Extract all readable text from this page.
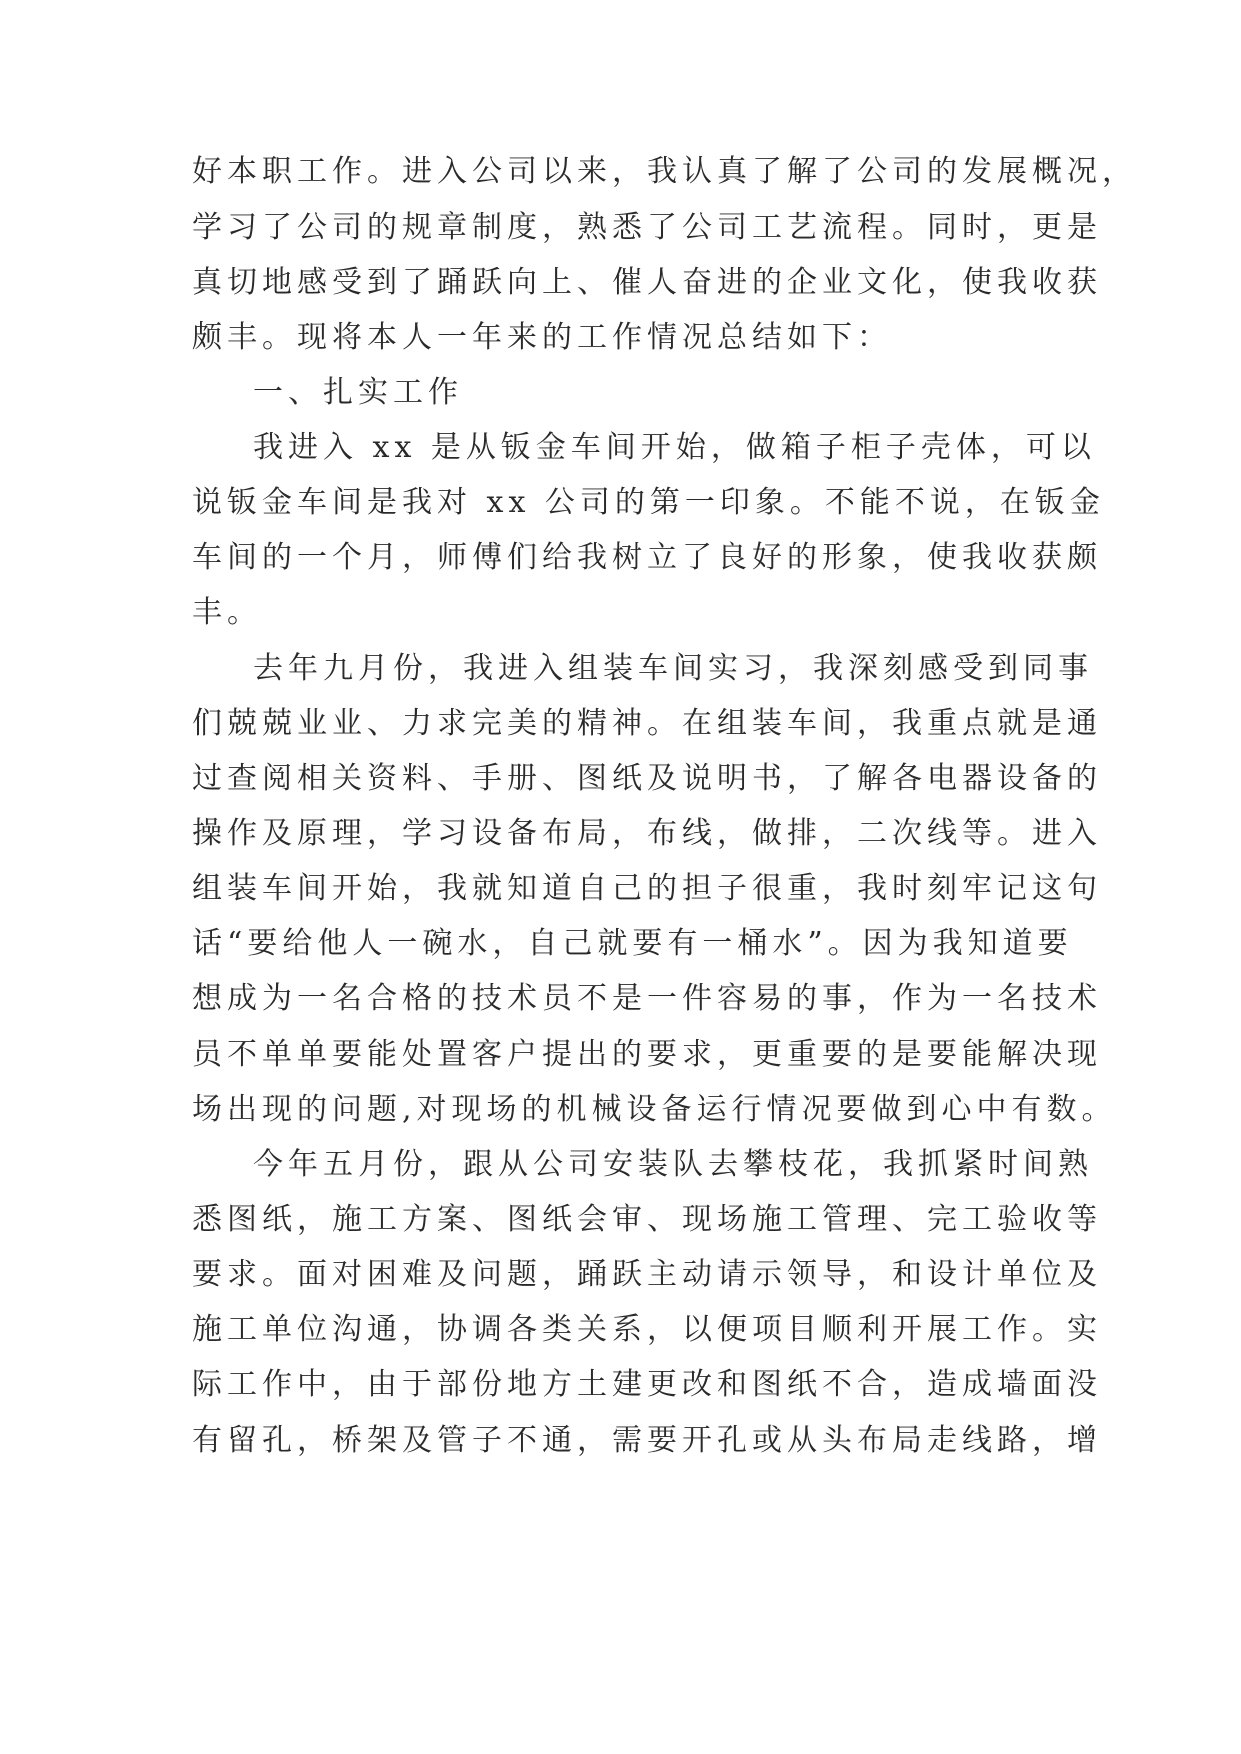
好本职工作。进入公司以来，我认真了解了公司的发展概况，

学习了公司的规章制度，熟悉了公司工艺流程。同时，更是

真切地感受到了踊跃向上、催人奋进的企业文化，使我收获

颇丰。现将本人一年来的工作情况总结如下：

一、扎实工作

我进入 xx 是从钣金车间开始，做箱子柜子壳体，可以

说钣金车间是我对 xx 公司的第一印象。不能不说，在钣金

车间的一个月，师傅们给我树立了良好的形象，使我收获颇

丰。

去年九月份，我进入组装车间实习，我深刻感受到同事

们兢兢业业、力求完美的精神。在组装车间，我重点就是通

过查阅相关资料、手册、图纸及说明书，了解各电器设备的

操作及原理，学习设备布局，布线，做排，二次线等。进入

组装车间开始，我就知道自己的担子很重，我时刻牢记这句

话“要给他人一碗水，自己就要有一桶水”。因为我知道要

想成为一名合格的技术员不是一件容易的事，作为一名技术

员不单单要能处置客户提出的要求，更重要的是要能解决现

场出现的问题,对现场的机械设备运行情况要做到心中有数。

今年五月份，跟从公司安装队去攀枝花，我抓紧时间熟

悉图纸，施工方案、图纸会审、现场施工管理、完工验收等

要求。面对困难及问题，踊跃主动请示领导，和设计单位及

施工单位沟通，协调各类关系，以便项目顺利开展工作。实

际工作中，由于部份地方土建更改和图纸不合，造成墙面没

有留孔，桥架及管子不通，需要开孔或从头布局走线路，增
